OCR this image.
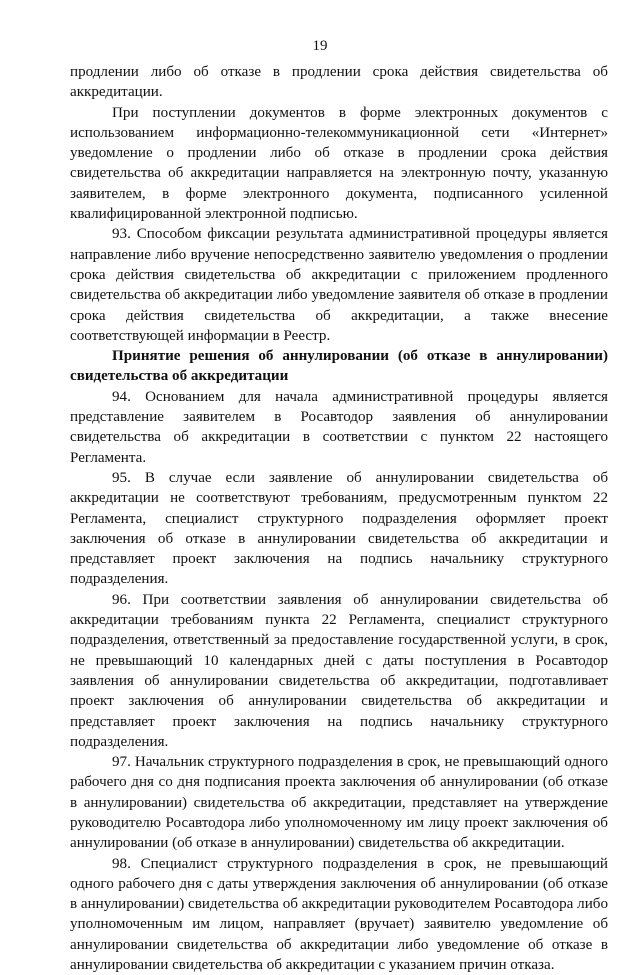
19

продлении либо об отказе в продлении срока действия свидетельства об аккредитации.

При поступлении документов в форме электронных документов с использованием информационно-телекоммуникационной сети «Интернет» уведомление о продлении либо об отказе в продлении срока действия свидетельства об аккредитации направляется на электронную почту, указанную заявителем, в форме электронного документа, подписанного усиленной квалифицированной электронной подписью.

93. Способом фиксации результата административной процедуры является направление либо вручение непосредственно заявителю уведомления о продлении срока действия свидетельства об аккредитации с приложением продленного свидетельства об аккредитации либо уведомление заявителя об отказе в продлении срока действия свидетельства об аккредитации, а также внесение соответствующей информации в Реестр.

Принятие решения об аннулировании (об отказе в аннулировании) свидетельства об аккредитации

94. Основанием для начала административной процедуры является представление заявителем в Росавтодор заявления об аннулировании свидетельства об аккредитации в соответствии с пунктом 22 настоящего Регламента.

95. В случае если заявление об аннулировании свидетельства об аккредитации не соответствуют требованиям, предусмотренным пунктом 22 Регламента, специалист структурного подразделения оформляет проект заключения об отказе в аннулировании свидетельства об аккредитации и представляет проект заключения на подпись начальнику структурного подразделения.

96. При соответствии заявления об аннулировании свидетельства об аккредитации требованиям пункта 22 Регламента, специалист структурного подразделения, ответственный за предоставление государственной услуги, в срок, не превышающий 10 календарных дней с даты поступления в Росавтодор заявления об аннулировании свидетельства об аккредитации, подготавливает проект заключения об аннулировании свидетельства об аккредитации и представляет проект заключения на подпись начальнику структурного подразделения.

97. Начальник структурного подразделения в срок, не превышающий одного рабочего дня со дня подписания проекта заключения об аннулировании (об отказе в аннулировании) свидетельства об аккредитации, представляет на утверждение руководителю Росавтодора либо уполномоченному им лицу проект заключения об аннулировании (об отказе в аннулировании) свидетельства об аккредитации.

98. Специалист структурного подразделения в срок, не превышающий одного рабочего дня с даты утверждения заключения об аннулировании (об отказе в аннулировании) свидетельства об аккредитации руководителем Росавтодора либо уполномоченным им лицом, направляет (вручает) заявителю уведомление об аннулировании свидетельства об аккредитации либо уведомление об отказе в аннулировании свидетельства об аккредитации с указанием причин отказа.
